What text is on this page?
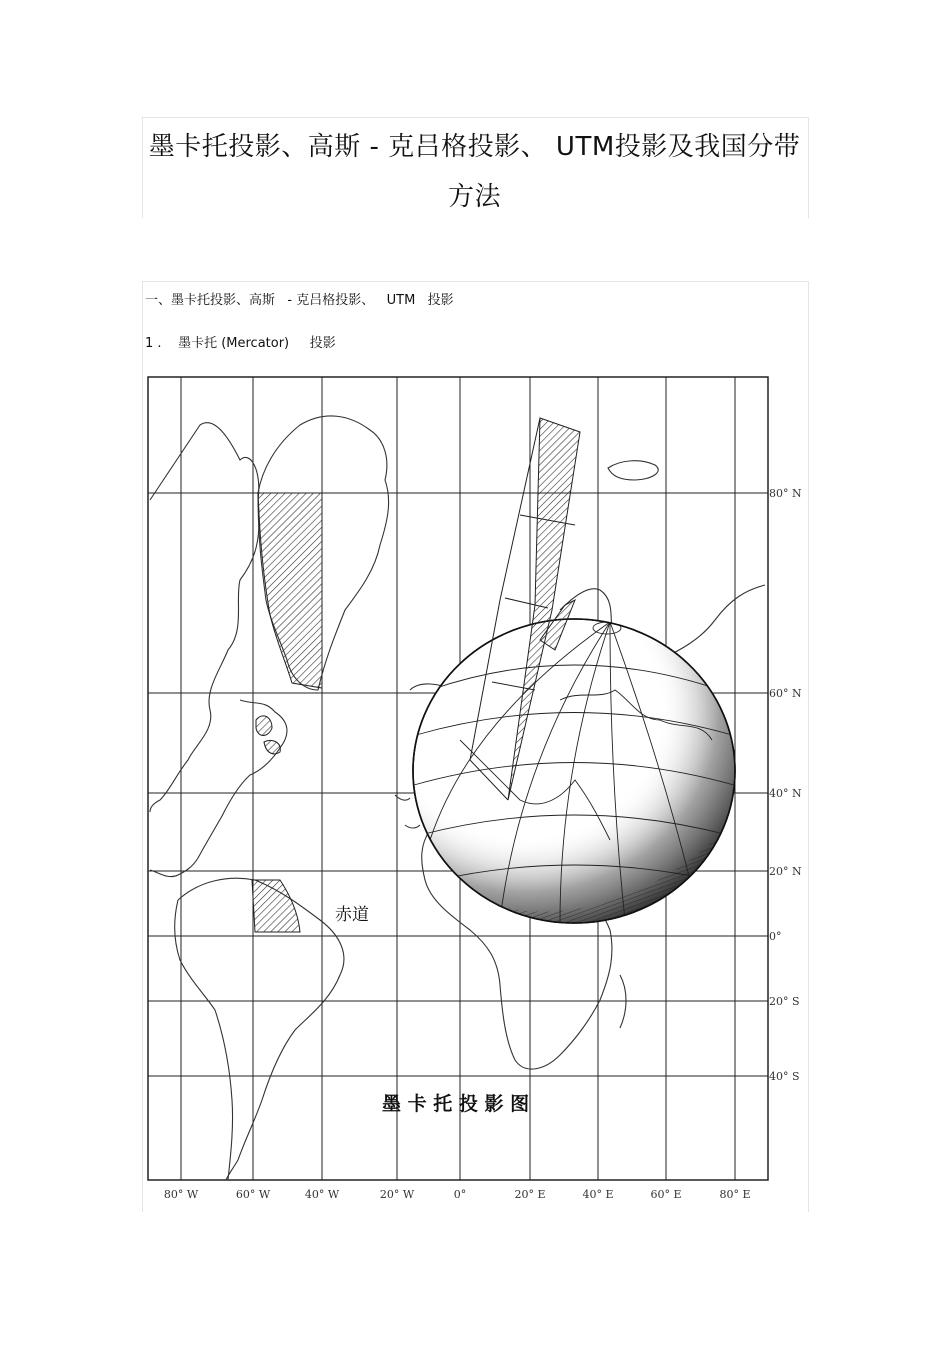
墨卡托投影、高斯 - 克吕格投影、 UTM投影及我国分带
方法
一、墨卡托投影、高斯   - 克吕格投影、   UTM   投影
1 .    墨卡托 (Mercator)     投影
80° N
60° N
40° N
20° N
0°
20° S
40° S
80° W	60° W	40° W	20° W	0°	20° E	40° E	60° E	80° E
赤道
墨 卡 托 投 影 图
